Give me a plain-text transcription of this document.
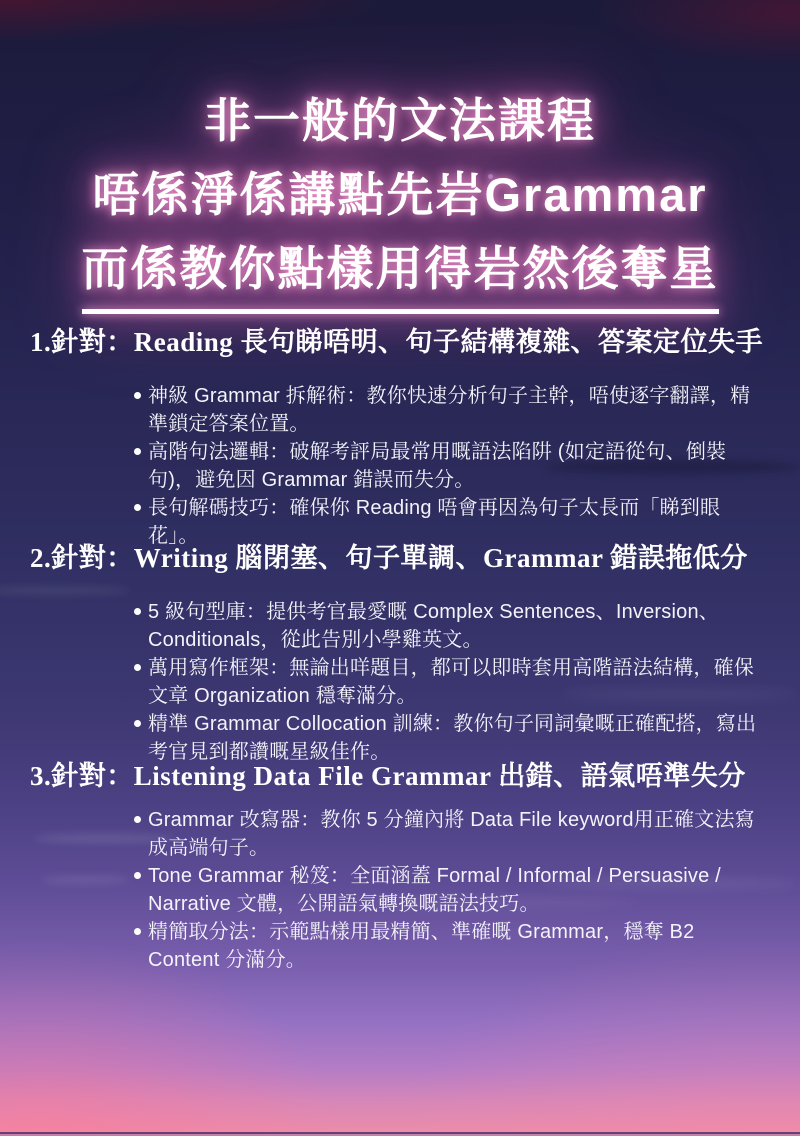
非一般的文法課程
唔係淨係講點先岩Grammar
而係教你點樣用得岩然後奪星
1.針對：Reading 長句睇唔明、句子結構複雜、答案定位失手
神級 Grammar 拆解術：教你快速分析句子主幹，唔使逐字翻譯，精準鎖定答案位置。
高階句法邏輯：破解考評局最常用嘅語法陷阱 (如定語從句、倒裝句)，避免因 Grammar 錯誤而失分。
長句解碼技巧：確保你 Reading 唔會再因為句子太長而「睇到眼花」。
2.針對：Writing 腦閉塞、句子單調、Grammar 錯誤拖低分
5 級句型庫：提供考官最愛嘅 Complex Sentences、Inversion、Conditionals，從此告別小學雞英文。
萬用寫作框架：無論出咩題目，都可以即時套用高階語法結構，確保文章 Organization 穩奪滿分。
精準 Grammar Collocation 訓練：教你句子同詞彙嘅正確配搭，寫出考官見到都讚嘅星級佳作。
3.針對：Listening Data File Grammar 出錯、語氣唔準失分
Grammar 改寫器：教你 5 分鐘內將 Data File keyword用正確文法寫成高端句子。
Tone Grammar 秘笈：全面涵蓋 Formal / Informal / Persuasive / Narrative 文體，公開語氣轉換嘅語法技巧。
精簡取分法：示範點樣用最精簡、準確嘅 Grammar，穩奪 B2 Content 分滿分。
